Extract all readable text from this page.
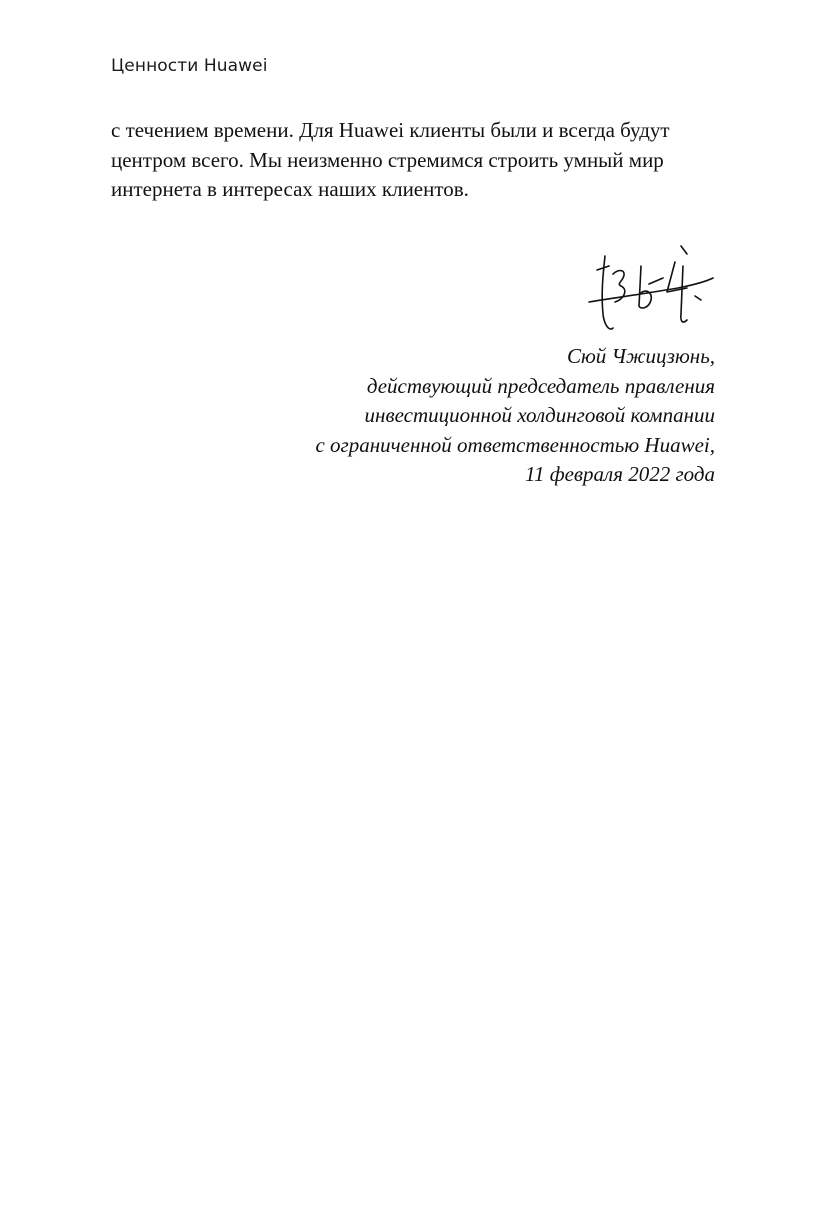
Ценности Huawei
с течением времени. Для Huawei клиенты были и всегда будут
центром всего. Мы неизменно стремимся строить умный мир
интернета в интересах наших клиентов.
Сюй Чжицзюнь,
действующий председатель правления
инвестиционной холдинговой компании
с ограниченной ответственностью Huawei,
11 февраля 2022 года
